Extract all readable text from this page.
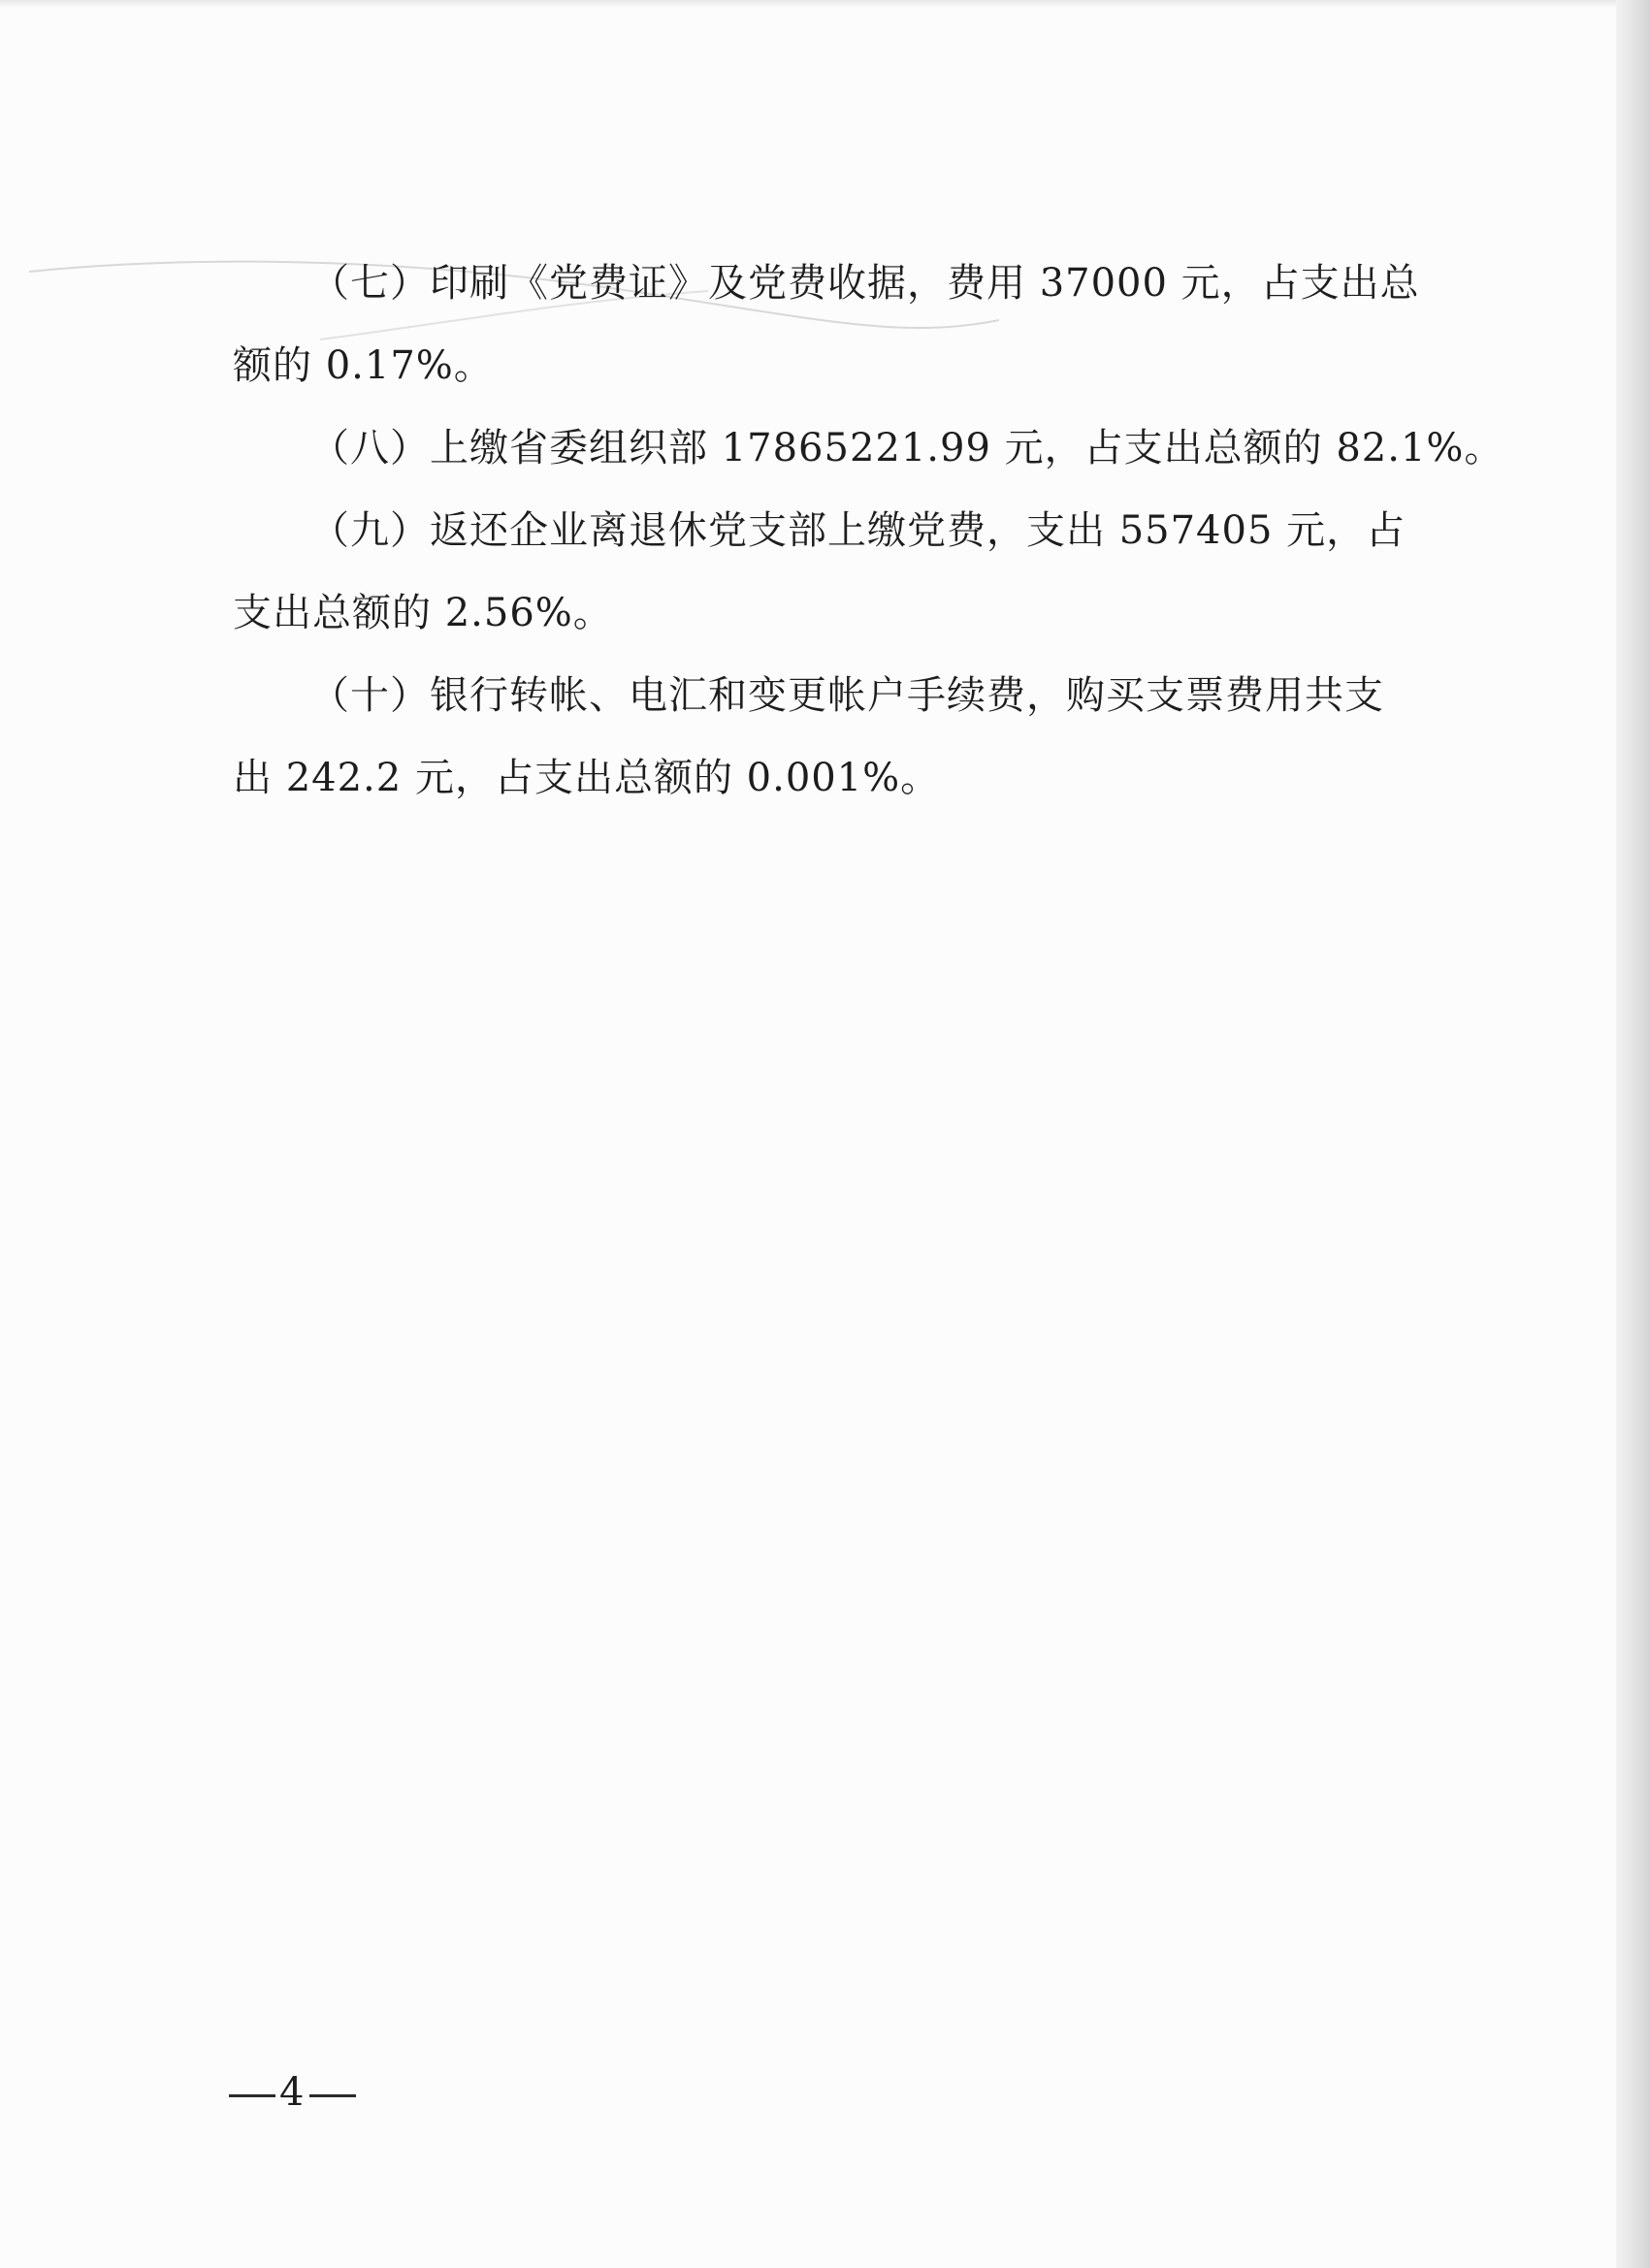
（七）印刷《党费证》及党费收据，费用 37000 元，占支出总
额的 0.17%。

（八）上缴省委组织部 17865221.99 元，占支出总额的 82.1%。

（九）返还企业离退休党支部上缴党费，支出 557405 元，占
支出总额的 2.56%。

（十）银行转帐、电汇和变更帐户手续费，购买支票费用共支
出 242.2 元，占支出总额的 0.001%。

4
